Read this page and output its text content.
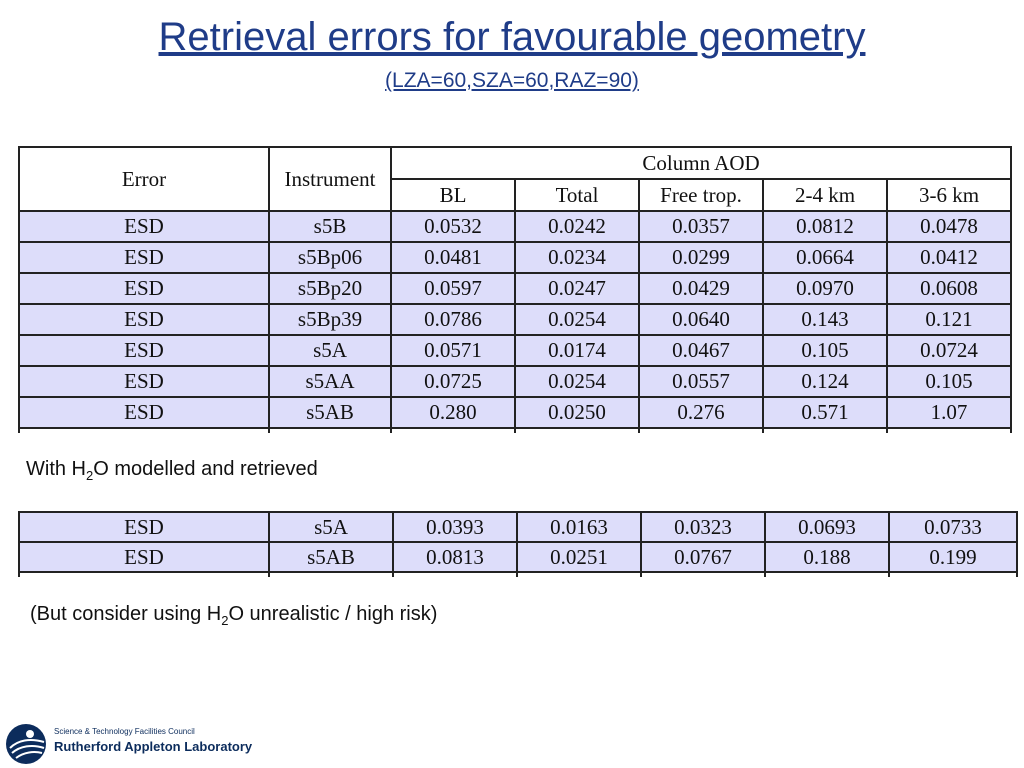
Retrieval errors for favourable geometry
(LZA=60,SZA=60,RAZ=90)
Error	Instrument	Column AOD				
		BL	Total	Free trop.	2-4 km	3-6 km
ESD	s5B	0.0532	0.0242	0.0357	0.0812	0.0478
ESD	s5Bp06	0.0481	0.0234	0.0299	0.0664	0.0412
ESD	s5Bp20	0.0597	0.0247	0.0429	0.0970	0.0608
ESD	s5Bp39	0.0786	0.0254	0.0640	0.143	0.121
ESD	s5A	0.0571	0.0174	0.0467	0.105	0.0724
ESD	s5AA	0.0725	0.0254	0.0557	0.124	0.105
ESD	s5AB	0.280	0.0250	0.276	0.571	1.07

With $H_2O$ modelled and retrieved
ESD	s5A	0.0393	0.0163	0.0323	0.0693	0.0733
ESD	s5AB	0.0813	0.0251	0.0767	0.188	0.199

(But consider using $H_2O$ unrealistic / high risk)
Science & Technology Facilities Council
Rutherford Appleton Laboratory
